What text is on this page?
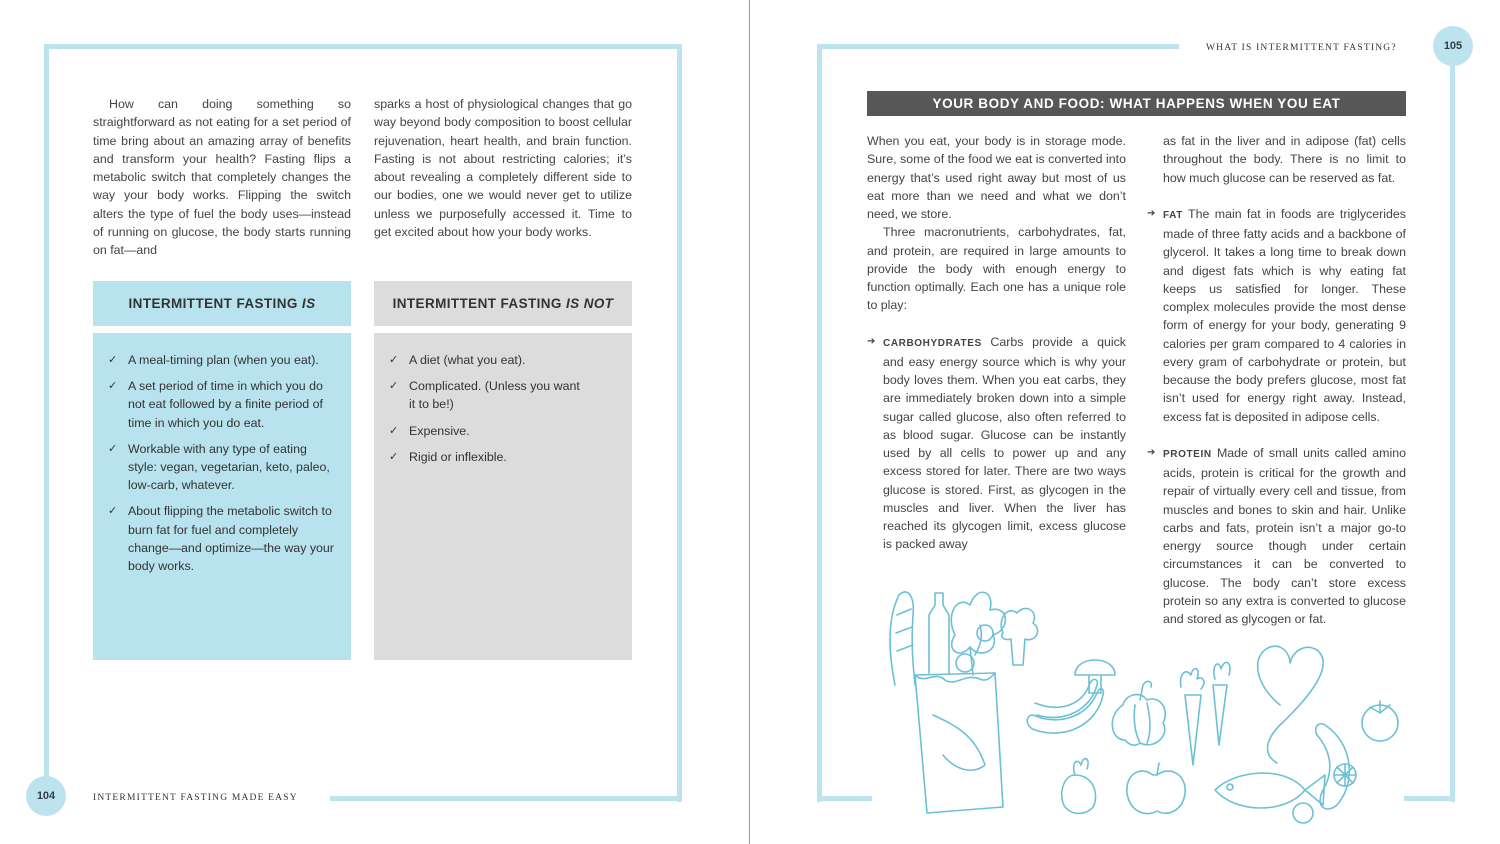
104	INTERMITTENT FASTING MADE EASY

How can doing something so straightforward as not eating for a set period of time bring about an amazing array of benefits and transform your health? Fasting flips a metabolic switch that completely changes the way your body works. Flipping the switch alters the type of fuel the body uses—instead of running on glucose, the body starts running on fat—and

sparks a host of physiological changes that go way beyond body composition to boost cellular rejuvenation, heart health, and brain function. Fasting is not about restricting calories; it’s about revealing a completely different side to our bodies, one we would never get to utilize unless we purposefully accessed it. Time to get excited about how your body works.

INTERMITTENT FASTING IS
✓ A meal-timing plan (when you eat).
✓ A set period of time in which you do not eat followed by a finite period of time in which you do eat.
✓ Workable with any type of eating style: vegan, vegetarian, keto, paleo, low-carb, whatever.
✓ About flipping the metabolic switch to burn fat for fuel and completely change—and optimize—the way your body works.
INTERMITTENT FASTING IS NOT
✓ A diet (what you eat).
✓ Complicated. (Unless you want it to be!)
✓ Expensive.
✓ Rigid or inflexible.
WHAT IS INTERMITTENT FASTING?	105
YOUR BODY AND FOOD: WHAT HAPPENS WHEN YOU EAT

When you eat, your body is in storage mode. Sure, some of the food we eat is converted into energy that’s used right away but most of us eat more than we need and what we don’t need, we store.

Three macronutrients, carbohydrates, fat, and protein, are required in large amounts to provide the body with enough energy to function optimally. Each one has a unique role to play:

➔ CARBOHYDRATES Carbs provide a quick and easy energy source which is why your body loves them. When you eat carbs, they are immediately broken down into a simple sugar called glucose, also often referred to as blood sugar. Glucose can be instantly used by all cells to power up and any excess stored for later. There are two ways glucose is stored. First, as glycogen in the muscles and liver. When the liver has reached its glycogen limit, excess glucose is packed away

as fat in the liver and in adipose (fat) cells throughout the body. There is no limit to how much glucose can be reserved as fat.

➔ FAT The main fat in foods are triglycerides made of three fatty acids and a backbone of glycerol. It takes a long time to break down and digest fats which is why eating fat keeps us satisfied for longer. These complex molecules provide the most dense form of energy for your body, generating 9 calories per gram compared to 4 calories in every gram of carbohydrate or protein, but because the body prefers glucose, most fat isn’t used for energy right away. Instead, excess fat is deposited in adipose cells.

➔ PROTEIN Made of small units called amino acids, protein is critical for the growth and repair of virtually every cell and tissue, from muscles and bones to skin and hair. Unlike carbs and fats, protein isn’t a major go-to energy source though under certain circumstances it can be converted to glucose. The body can’t store excess protein so any extra is converted to glucose and stored as glycogen or fat.
